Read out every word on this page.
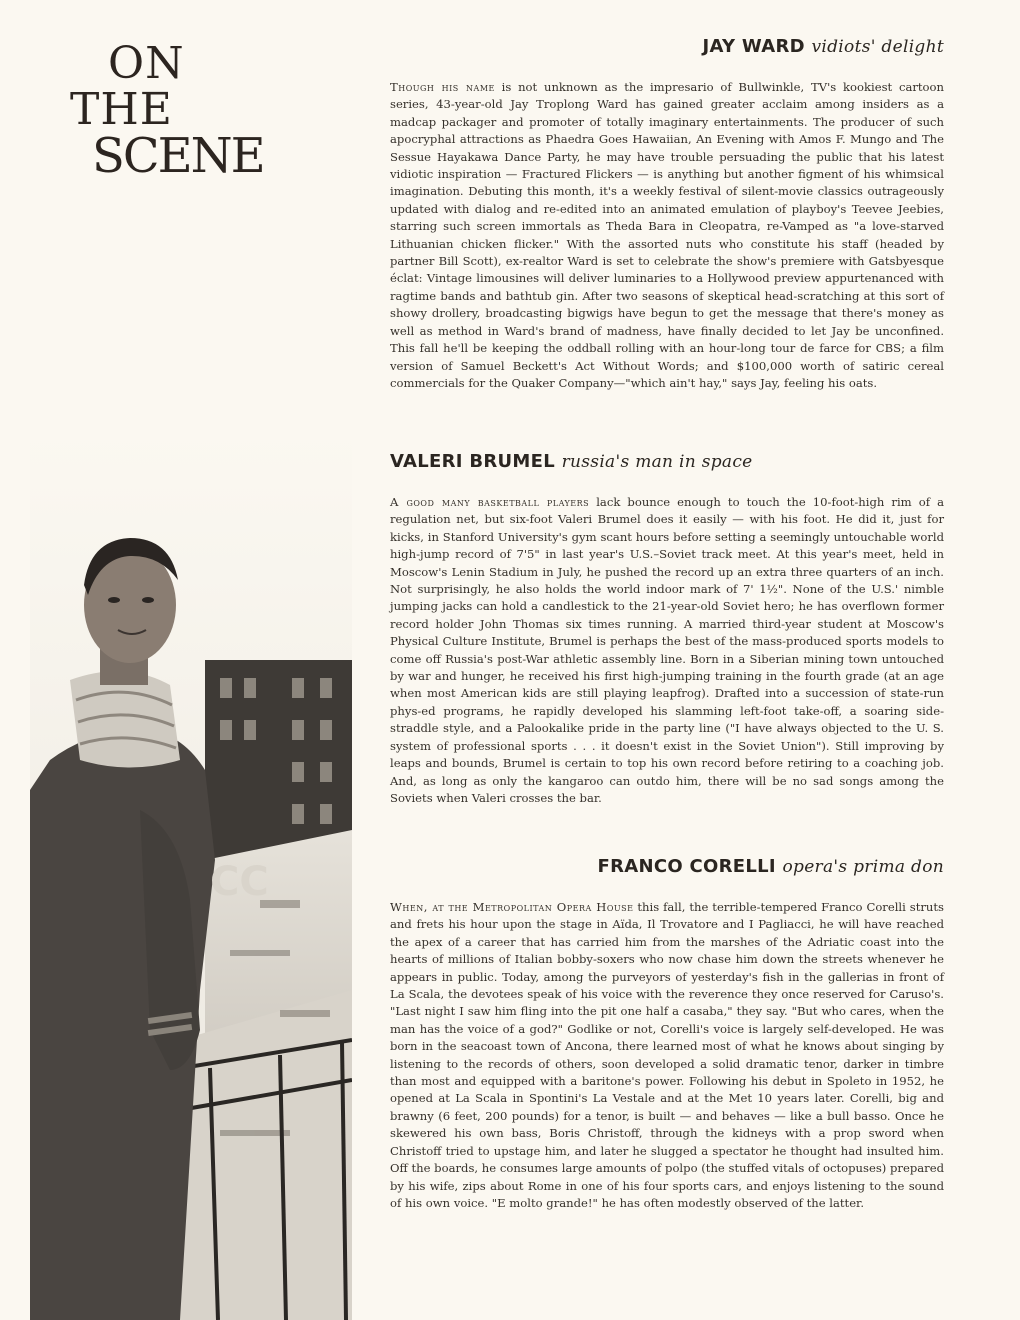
ON
THE
SCENE
CC
JAY WARD vidiots' delight
Though his name is not unknown as the impresario of Bullwinkle, TV's kookiest cartoon series, 43-year-old Jay Troplong Ward has gained greater acclaim among insiders as a madcap packager and promoter of totally imaginary entertainments. The producer of such apocryphal attractions as Phaedra Goes Hawaiian, An Evening with Amos F. Mungo and The Sessue Hayakawa Dance Party, he may have trouble persuading the public that his latest vidiotic inspiration — Fractured Flickers — is anything but another figment of his whimsical imagination. Debuting this month, it's a weekly festival of silent-movie classics outrageously updated with dialog and re-edited into an animated emulation of playboy's Teevee Jeebies, starring such screen immortals as Theda Bara in Cleopatra, re-Vamped as "a love-starved Lithuanian chicken flicker." With the assorted nuts who constitute his staff (headed by partner Bill Scott), ex-realtor Ward is set to celebrate the show's premiere with Gatsbyesque éclat: Vintage limousines will deliver luminaries to a Hollywood preview appurtenanced with ragtime bands and bathtub gin. After two seasons of skeptical head-scratching at this sort of showy drollery, broadcasting bigwigs have begun to get the message that there's money as well as method in Ward's brand of madness, have finally decided to let Jay be unconfined. This fall he'll be keeping the oddball rolling with an hour-long tour de farce for CBS; a film version of Samuel Beckett's Act Without Words; and $100,000 worth of satiric cereal commercials for the Quaker Company—"which ain't hay," says Jay, feeling his oats.
VALERI BRUMEL russia's man in space
A good many basketball players lack bounce enough to touch the 10-foot-high rim of a regulation net, but six-foot Valeri Brumel does it easily — with his foot. He did it, just for kicks, in Stanford University's gym scant hours before setting a seemingly untouchable world high-jump record of 7'5" in last year's U.S.–Soviet track meet. At this year's meet, held in Moscow's Lenin Stadium in July, he pushed the record up an extra three quarters of an inch. Not surprisingly, he also holds the world indoor mark of 7' 1½". None of the U.S.' nimble jumping jacks can hold a candlestick to the 21-year-old Soviet hero; he has overflown former record holder John Thomas six times running. A married third-year student at Moscow's Physical Culture Institute, Brumel is perhaps the best of the mass-produced sports models to come off Russia's post-War athletic assembly line. Born in a Siberian mining town untouched by war and hunger, he received his first high-jumping training in the fourth grade (at an age when most American kids are still playing leapfrog). Drafted into a succession of state-run phys-ed programs, he rapidly developed his slamming left-foot take-off, a soaring side-straddle style, and a Palookalike pride in the party line ("I have always objected to the U. S. system of professional sports . . . it doesn't exist in the Soviet Union"). Still improving by leaps and bounds, Brumel is certain to top his own record before retiring to a coaching job. And, as long as only the kangaroo can outdo him, there will be no sad songs among the Soviets when Valeri crosses the bar.
FRANCO CORELLI opera's prima don
When, at the Metropolitan Opera House this fall, the terrible-tempered Franco Corelli struts and frets his hour upon the stage in Aïda, Il Trovatore and I Pagliacci, he will have reached the apex of a career that has carried him from the marshes of the Adriatic coast into the hearts of millions of Italian bobby-soxers who now chase him down the streets whenever he appears in public. Today, among the purveyors of yesterday's fish in the gallerias in front of La Scala, the devotees speak of his voice with the reverence they once reserved for Caruso's. "Last night I saw him fling into the pit one half a casaba," they say. "But who cares, when the man has the voice of a god?" Godlike or not, Corelli's voice is largely self-developed. He was born in the seacoast town of Ancona, there learned most of what he knows about singing by listening to the records of others, soon developed a solid dramatic tenor, darker in timbre than most and equipped with a baritone's power. Following his debut in Spoleto in 1952, he opened at La Scala in Spontini's La Vestale and at the Met 10 years later. Corelli, big and brawny (6 feet, 200 pounds) for a tenor, is built — and behaves — like a bull basso. Once he skewered his own bass, Boris Christoff, through the kidneys with a prop sword when Christoff tried to upstage him, and later he slugged a spectator he thought had insulted him. Off the boards, he consumes large amounts of polpo (the stuffed vitals of octopuses) prepared by his wife, zips about Rome in one of his four sports cars, and enjoys listening to the sound of his own voice. "E molto grande!" he has often modestly observed of the latter.
